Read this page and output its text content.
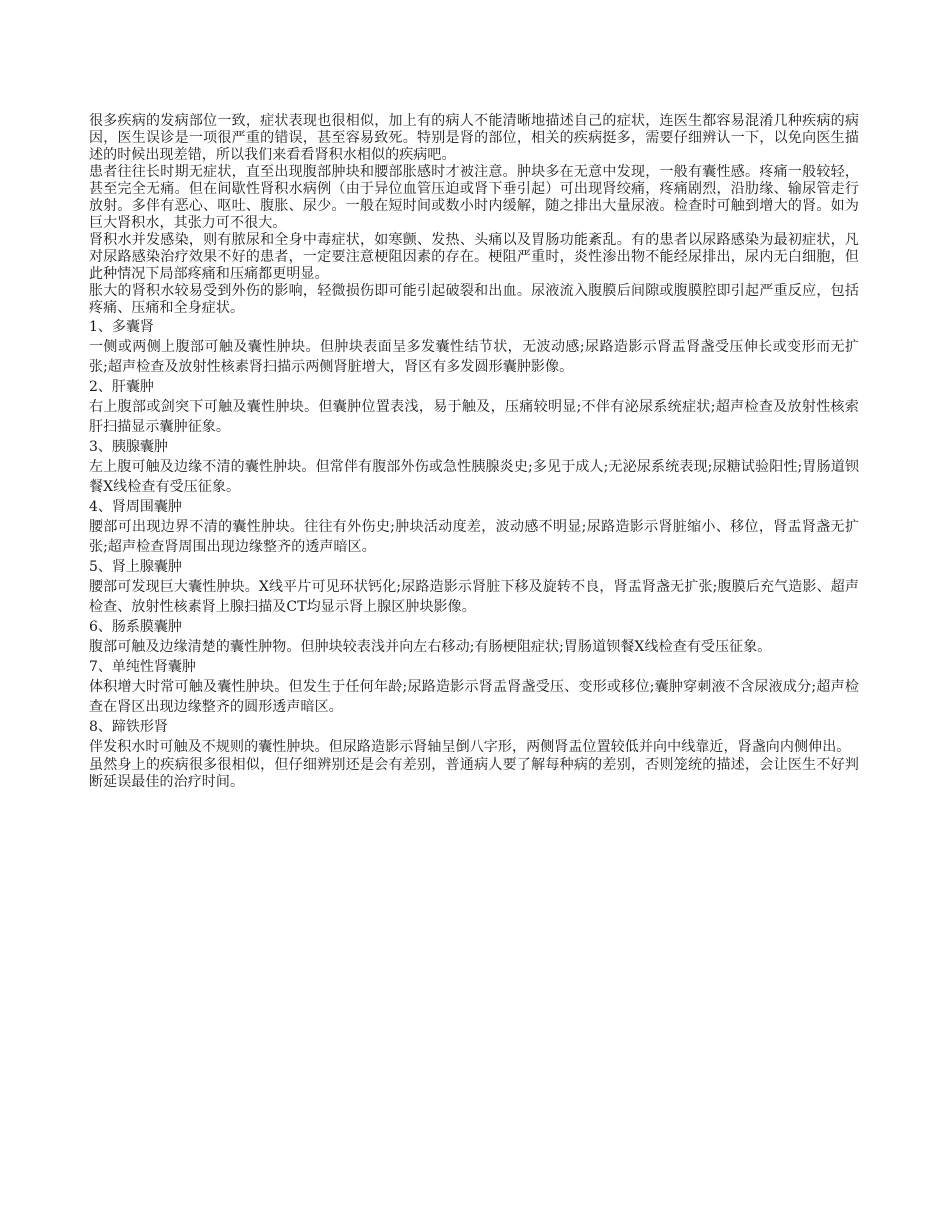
很多疾病的发病部位一致，症状表现也很相似，加上有的病人不能清晰地描述自己的症状，连医生都容易混淆几种疾病的病因，医生误诊是一项很严重的错误，甚至容易致死。特别是肾的部位，相关的疾病挺多，需要仔细辨认一下，以免向医生描述的时候出现差错，所以我们来看看肾积水相似的疾病吧。

患者往往长时期无症状，直至出现腹部肿块和腰部胀感时才被注意。肿块多在无意中发现，一般有囊性感。疼痛一般较轻，甚至完全无痛。但在间歇性肾积水病例（由于异位血管压迫或肾下垂引起）可出现肾绞痛，疼痛剧烈，沿肋缘、输尿管走行放射。多伴有恶心、呕吐、腹胀、尿少。一般在短时间或数小时内缓解，随之排出大量尿液。检查时可触到增大的肾。如为巨大肾积水，其张力可不很大。

肾积水并发感染，则有脓尿和全身中毒症状，如寒颤、发热、头痛以及胃肠功能紊乱。有的患者以尿路感染为最初症状，凡对尿路感染治疗效果不好的患者，一定要注意梗阻因素的存在。梗阻严重时，炎性渗出物不能经尿排出，尿内无白细胞，但此种情况下局部疼痛和压痛都更明显。

胀大的肾积水较易受到外伤的影响，轻微损伤即可能引起破裂和出血。尿液流入腹膜后间隙或腹膜腔即引起严重反应，包括疼痛、压痛和全身症状。

1、多囊肾

一侧或两侧上腹部可触及囊性肿块。但肿块表面呈多发囊性结节状，无波动感;尿路造影示肾盂肾盏受压伸长或变形而无扩张;超声检查及放射性核素肾扫描示两侧肾脏增大，肾区有多发圆形囊肿影像。

2、肝囊肿

右上腹部或剑突下可触及囊性肿块。但囊肿位置表浅，易于触及，压痛较明显;不伴有泌尿系统症状;超声检查及放射性核索肝扫描显示囊肿征象。

3、胰腺囊肿

左上腹可触及边缘不清的囊性肿块。但常伴有腹部外伤或急性胰腺炎史;多见于成人;无泌尿系统表现;尿糖试验阳性;胃肠道钡餐X线检查有受压征象。

4、肾周围囊肿

腰部可出现边界不清的囊性肿块。往往有外伤史;肿块活动度差，波动感不明显;尿路造影示肾脏缩小、移位，肾盂肾盏无扩张;超声检查肾周围出现边缘整齐的透声暗区。

5、肾上腺囊肿

腰部可发现巨大囊性肿块。X线平片可见环状钙化;尿路造影示肾脏下移及旋转不良，肾盂肾盏无扩张;腹膜后充气造影、超声检查、放射性核素肾上腺扫描及CT均显示肾上腺区肿块影像。

6、肠系膜囊肿

腹部可触及边缘清楚的囊性肿物。但肿块较表浅并向左右移动;有肠梗阻症状;胃肠道钡餐X线检查有受压征象。

7、单纯性肾囊肿

体积增大时常可触及囊性肿块。但发生于任何年龄;尿路造影示肾盂肾盏受压、变形或移位;囊肿穿刺液不含尿液成分;超声检查在肾区出现边缘整齐的圆形透声暗区。

8、蹄铁形肾

伴发积水时可触及不规则的囊性肿块。但尿路造影示肾轴呈倒八字形，两侧肾盂位置较低并向中线靠近，肾盏向内侧伸出。

虽然身上的疾病很多很相似，但仔细辨别还是会有差别，普通病人要了解每种病的差别，否则笼统的描述，会让医生不好判断延误最佳的治疗时间。
